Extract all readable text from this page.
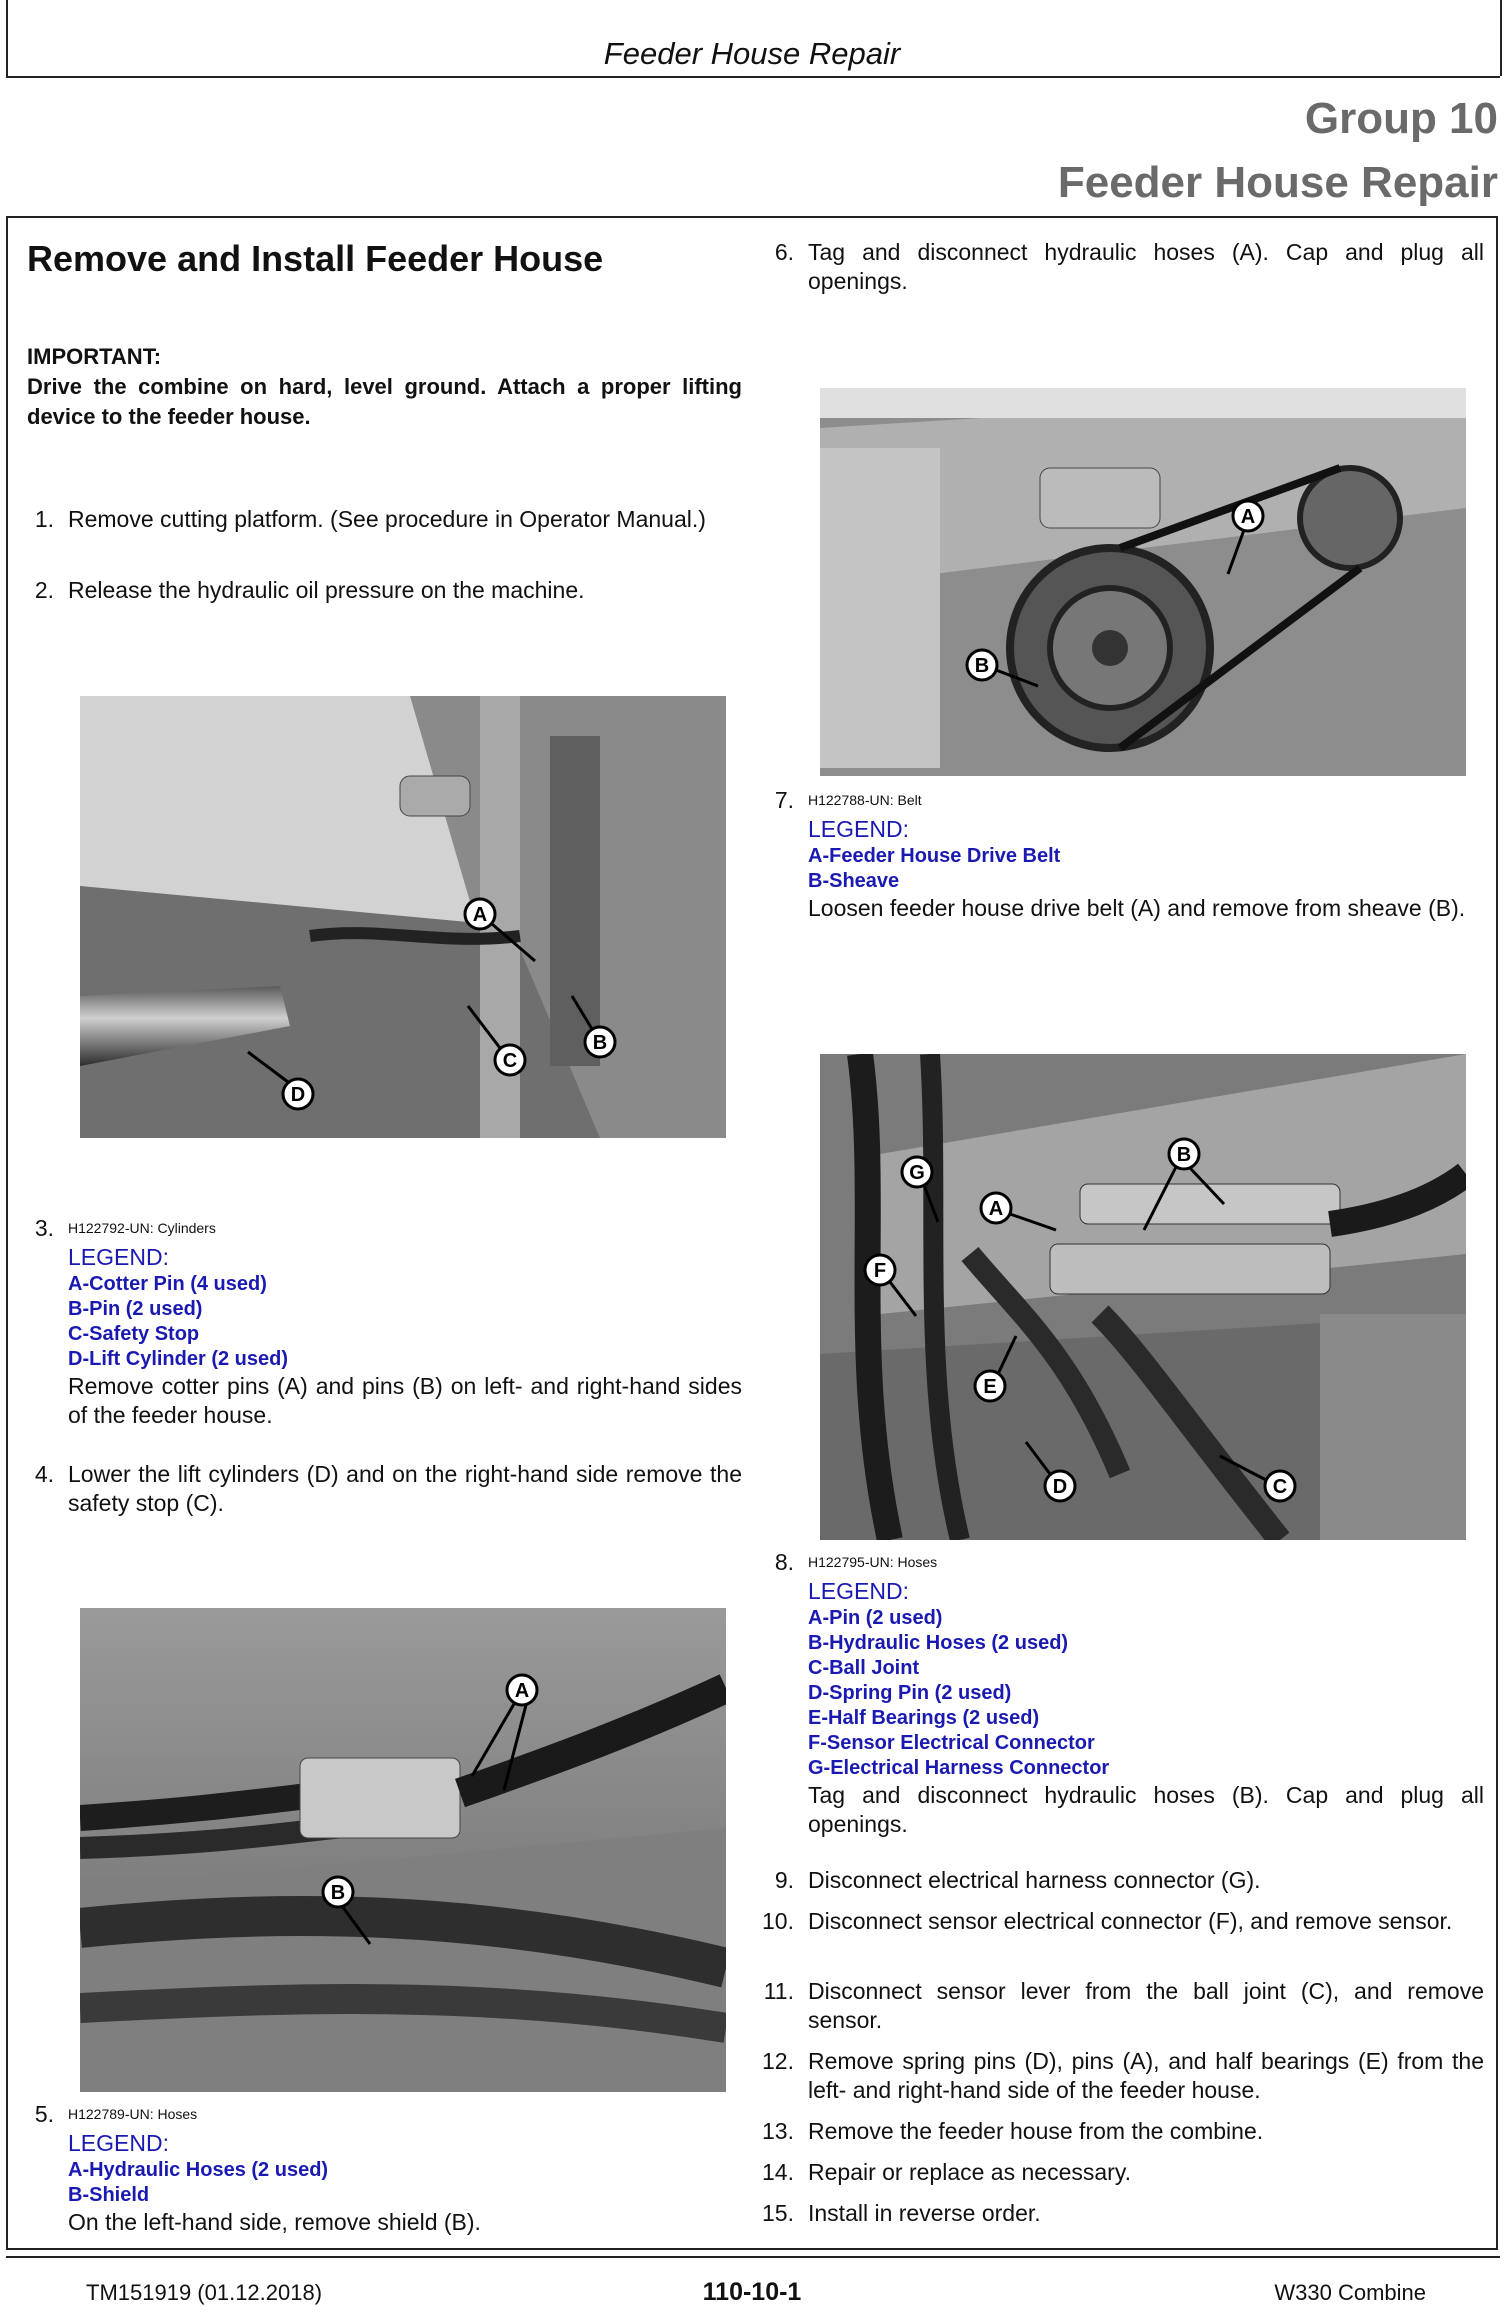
Feeder House Repair
Group 10
Feeder House Repair
Remove and Install Feeder House
IMPORTANT:
Drive the combine on hard, level ground. Attach a proper lifting device to the feeder house.
1. Remove cutting platform. (See procedure in Operator Manual.)
2. Release the hydraulic oil pressure on the machine.
A
B
C
D
3. H122792-UN: Cylinders
LEGEND:
A-Cotter Pin (4 used)
B-Pin (2 used)
C-Safety Stop
D-Lift Cylinder (2 used)
Remove cotter pins (A) and pins (B) on left- and right-hand sides of the feeder house.
4. Lower the lift cylinders (D) and on the right-hand side remove the safety stop (C).
A
B
5. H122789-UN: Hoses
LEGEND:
A-Hydraulic Hoses (2 used)
B-Shield
On the left-hand side, remove shield (B).
6. Tag and disconnect hydraulic hoses (A). Cap and plug all openings.
A
B
7. H122788-UN: Belt
LEGEND:
A-Feeder House Drive Belt
B-Sheave
Loosen feeder house drive belt (A) and remove from sheave (B).
G
A
B
F
E
D	C
8. H122795-UN: Hoses
LEGEND:
A-Pin (2 used)
B-Hydraulic Hoses (2 used)
C-Ball Joint
D-Spring Pin (2 used)
E-Half Bearings (2 used)
F-Sensor Electrical Connector
G-Electrical Harness Connector
Tag and disconnect hydraulic hoses (B). Cap and plug all openings.
9. Disconnect electrical harness connector (G).
10. Disconnect sensor electrical connector (F), and remove sensor.
11. Disconnect sensor lever from the ball joint (C), and remove sensor.
12. Remove spring pins (D), pins (A), and half bearings (E) from the left- and right-hand side of the feeder house.
13. Remove the feeder house from the combine.
14. Repair or replace as necessary.
15. Install in reverse order.
TM151919 (01.12.2018)	110-10-1	W330 Combine
